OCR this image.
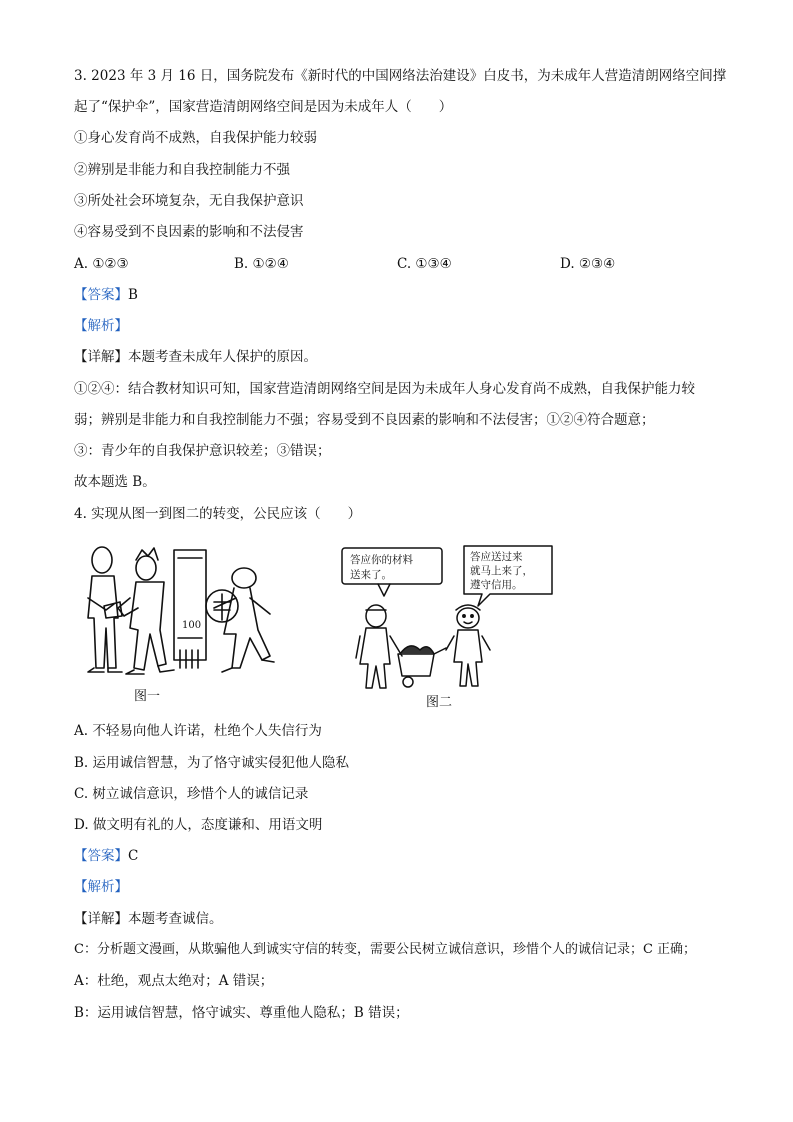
3. 2023 年 3 月 16 日，国务院发布《新时代的中国网络法治建设》白皮书，为未成年人营造清朗网络空间撑
起了“保护伞”，国家营造清朗网络空间是因为未成年人（　　）
①身心发育尚不成熟，自我保护能力较弱
②辨别是非能力和自我控制能力不强
③所处社会环境复杂，无自我保护意识
④容易受到不良因素的影响和不法侵害
A. ①②③	B. ①②④	C. ①③④	D. ②③④
【答案】B
【解析】
【详解】本题考查未成年人保护的原因。
①②④：结合教材知识可知，国家营造清朗网络空间是因为未成年人身心发育尚不成熟，自我保护能力较
弱；辨别是非能力和自我控制能力不强；容易受到不良因素的影响和不法侵害；①②④符合题意；
③：青少年的自我保护意识较差；③错误；
故本题选 B。
4. 实现从图一到图二的转变，公民应该（　　）
100
图一
答应你的材料
送来了。
答应送过来
就马上来了，
遵守信用。
图二
A. 不轻易向他人许诺，杜绝个人失信行为
B. 运用诚信智慧，为了恪守诚实侵犯他人隐私
C. 树立诚信意识，珍惜个人的诚信记录
D. 做文明有礼的人，态度谦和、用语文明
【答案】C
【解析】
【详解】本题考查诚信。
C：分析题文漫画，从欺骗他人到诚实守信的转变，需要公民树立诚信意识，珍惜个人的诚信记录；C 正确；
A：杜绝，观点太绝对；A 错误；
B：运用诚信智慧，恪守诚实、尊重他人隐私；B 错误；
